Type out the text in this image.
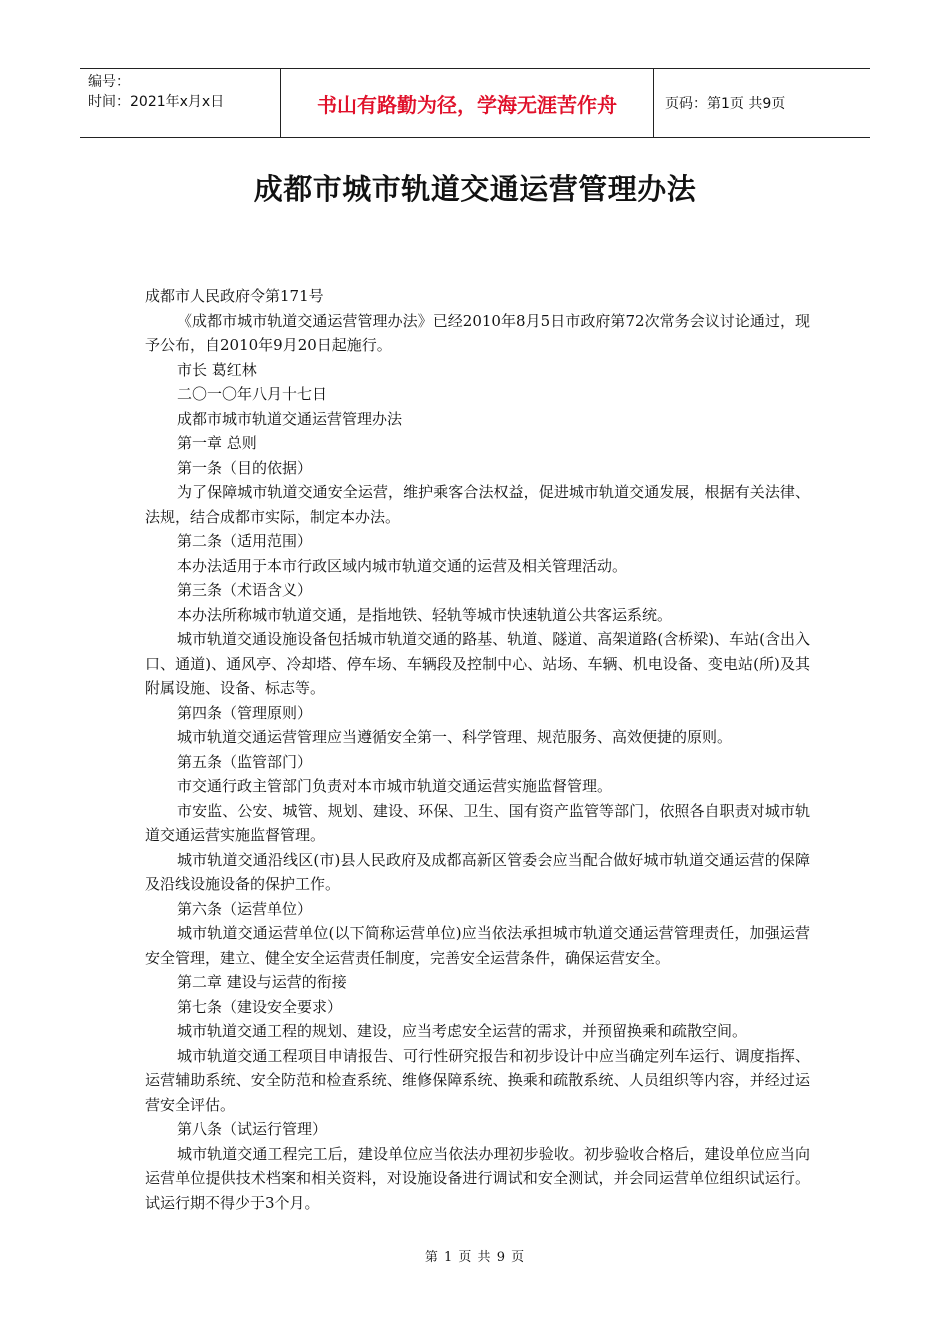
编号：
时间：2021年x月x日	书山有路勤为径，学海无涯苦作舟	页码：第1页 共9页
成都市城市轨道交通运营管理办法

成都市人民政府令第171号

《成都市城市轨道交通运营管理办法》已经2010年8月5日市政府第72次常务会议讨论通过，现予公布，自2010年9月20日起施行。

市长 葛红林

二〇一〇年八月十七日

成都市城市轨道交通运营管理办法

第一章 总则

第一条（目的依据）

为了保障城市轨道交通安全运营，维护乘客合法权益，促进城市轨道交通发展，根据有关法律、法规，结合成都市实际，制定本办法。

第二条（适用范围）

本办法适用于本市行政区域内城市轨道交通的运营及相关管理活动。

第三条（术语含义）

本办法所称城市轨道交通，是指地铁、轻轨等城市快速轨道公共客运系统。

城市轨道交通设施设备包括城市轨道交通的路基、轨道、隧道、高架道路(含桥梁)、车站(含出入口、通道)、通风亭、冷却塔、停车场、车辆段及控制中心、站场、车辆、机电设备、变电站(所)及其附属设施、设备、标志等。

第四条（管理原则）

城市轨道交通运营管理应当遵循安全第一、科学管理、规范服务、高效便捷的原则。

第五条（监管部门）

市交通行政主管部门负责对本市城市轨道交通运营实施监督管理。

市安监、公安、城管、规划、建设、环保、卫生、国有资产监管等部门，依照各自职责对城市轨道交通运营实施监督管理。

城市轨道交通沿线区(市)县人民政府及成都高新区管委会应当配合做好城市轨道交通运营的保障及沿线设施设备的保护工作。

第六条（运营单位）

城市轨道交通运营单位(以下简称运营单位)应当依法承担城市轨道交通运营管理责任，加强运营安全管理，建立、健全安全运营责任制度，完善安全运营条件，确保运营安全。

第二章 建设与运营的衔接

第七条（建设安全要求）

城市轨道交通工程的规划、建设，应当考虑安全运营的需求，并预留换乘和疏散空间。

城市轨道交通工程项目申请报告、可行性研究报告和初步设计中应当确定列车运行、调度指挥、运营辅助系统、安全防范和检查系统、维修保障系统、换乘和疏散系统、人员组织等内容，并经过运营安全评估。

第八条（试运行管理）

城市轨道交通工程完工后，建设单位应当依法办理初步验收。初步验收合格后，建设单位应当向运营单位提供技术档案和相关资料，对设施设备进行调试和安全测试，并会同运营单位组织试运行。试运行期不得少于3个月。

第 1 页 共 9 页
